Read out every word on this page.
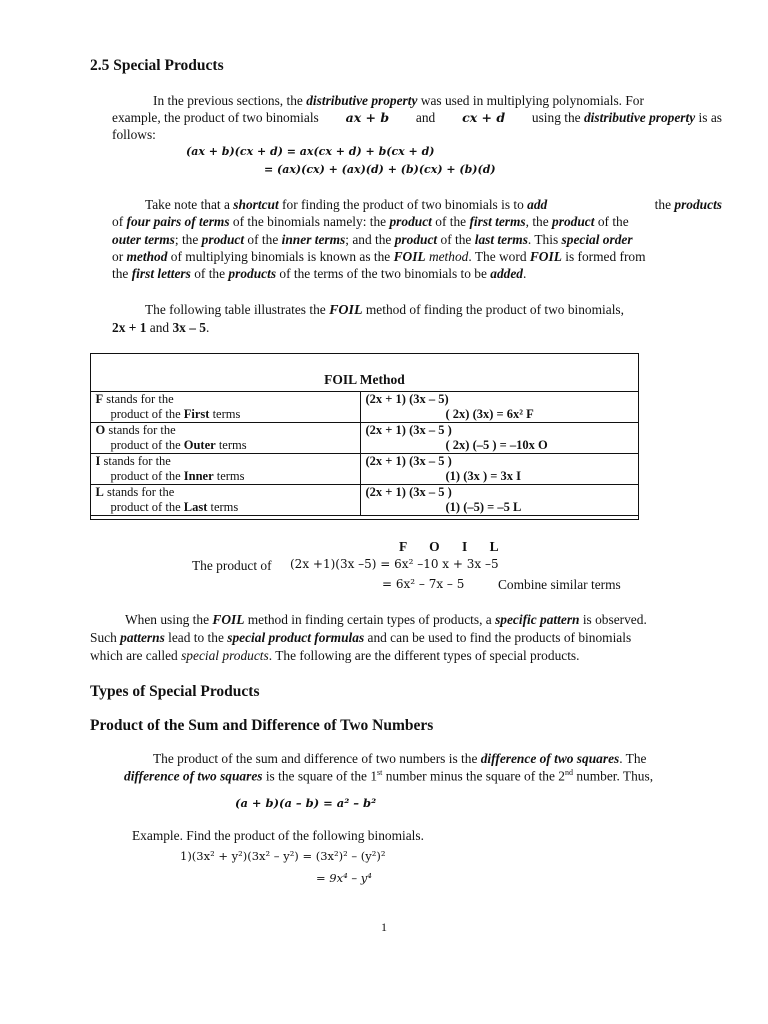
2.5 Special Products
In the previous sections, the distributive property was used in multiplying polynomials. For
example, the product of two binomials ax + b and cx + d using the distributive property is as
follows:
(ax + b)(cx + d) = ax(cx + d) + b(cx + d)
= (ax)(cx) + (ax)(d) + (b)(cx) + (b)(d)
Take note that a shortcut for finding the product of two binomials is to add	the products
of four pairs of terms of the binomials namely: the product of the first terms, the product of the
outer terms; the product of the inner terms; and the product of the last terms. This special order
or method of multiplying binomials is known as the FOIL method. The word FOIL is formed from
the first letters of the products of the terms of the two binomials to be added.
The following table illustrates the FOIL method of finding the product of two binomials,
2x + 1 and 3x – 5.
FOIL Method
F stands for the
product of the First terms	(2x + 1) (3x – 5)
( 2x) (3x) = 6x² F
O stands for the
product of the Outer terms	(2x + 1) (3x – 5 )
( 2x) (–5 ) = –10x O
I stands for the
product of the Inner terms	(2x + 1) (3x – 5 )
(1) (3x ) = 3x I
L stands for the
product of the Last terms	(2x + 1) (3x – 5 )
(1) (–5) = –5 L
F O I L
The product of (2x +1)(3x –5) = 6x² –10 x + 3x –5
= 6x² – 7x – 5	Combine similar terms
When using the FOIL method in finding certain types of products, a specific pattern is observed.
Such patterns lead to the special product formulas and can be used to find the products of binomials
which are called special products. The following are the different types of special products.
Types of Special Products
Product of the Sum and Difference of Two Numbers
The product of the sum and difference of two numbers is the difference of two squares. The
difference of two squares is the square of the 1st number minus the square of the 2nd number. Thus,
(a + b)(a – b) = a² – b²
Example. Find the product of the following binomials.
1)(3x² + y²)(3x² – y²) = (3x²)² – (y²)²
= 9x⁴ – y⁴
1
